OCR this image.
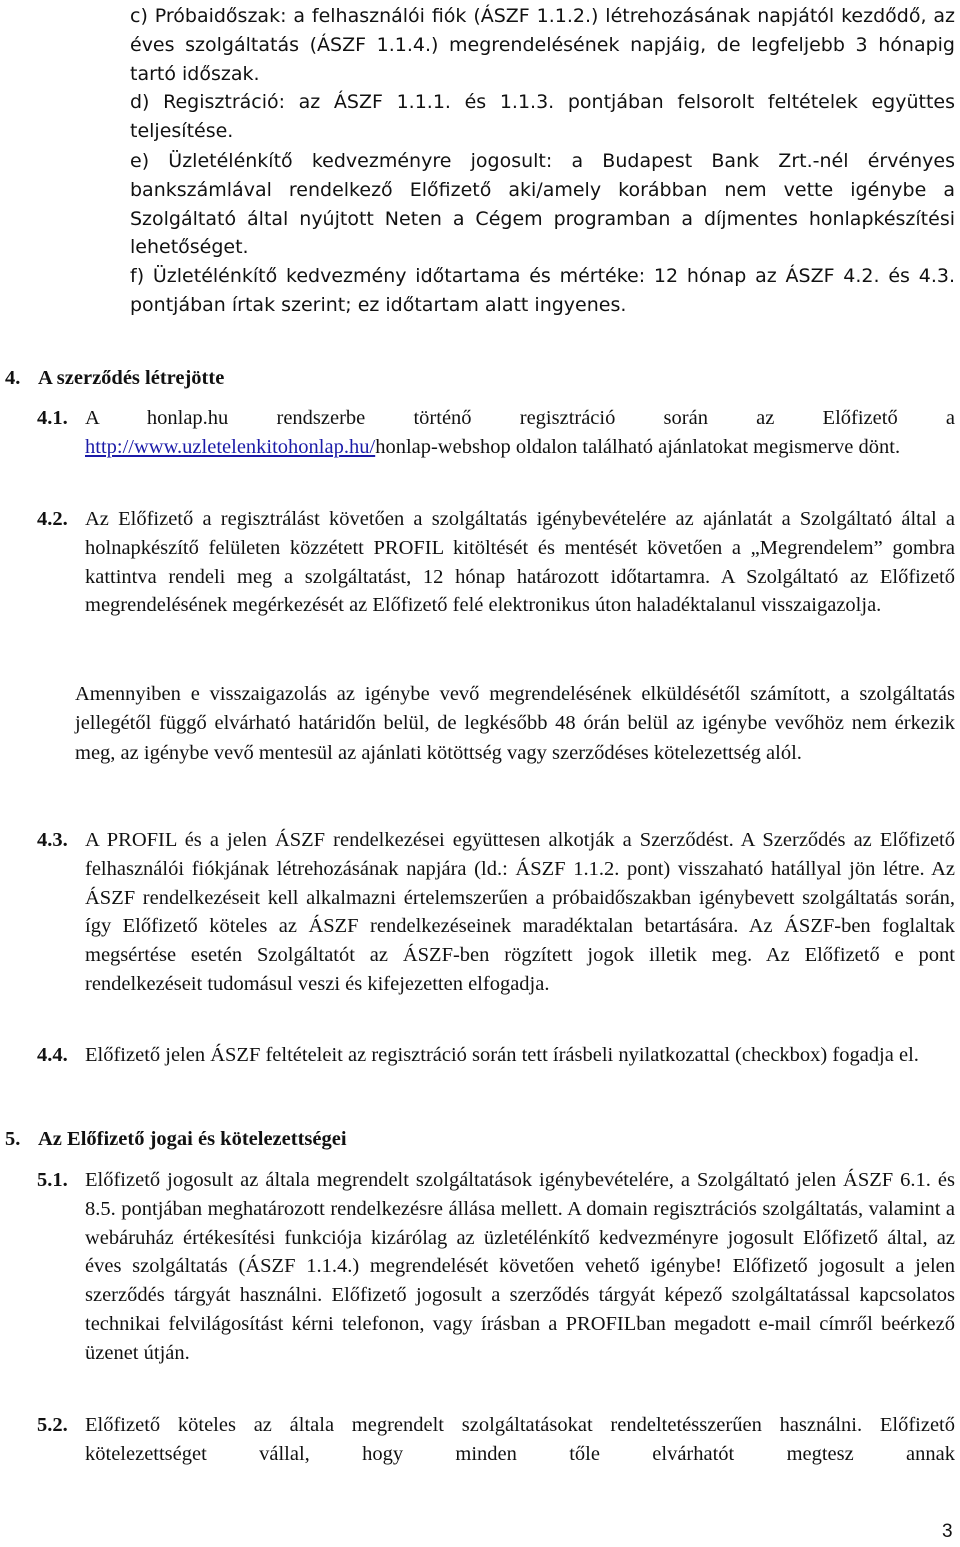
c) Próbaidőszak: a felhasználói fiók (ÁSZF 1.1.2.) létrehozásának napjától kezdődő, az éves szolgáltatás (ÁSZF 1.1.4.) megrendelésének napjáig, de legfeljebb 3 hónapig tartó időszak.
d) Regisztráció: az ÁSZF 1.1.1. és 1.1.3. pontjában felsorolt feltételek együttes teljesítése.
e) Üzletélénkítő kedvezményre jogosult: a Budapest Bank Zrt.-nél érvényes bankszámlával rendelkező Előfizető aki/amely korábban nem vette igénybe a Szolgáltató által nyújtott Neten a Cégem programban a díjmentes honlapkészítési lehetőséget.
f) Üzletélénkítő kedvezmény időtartama és mértéke: 12 hónap az ÁSZF 4.2. és 4.3. pontjában írtak szerint; ez időtartam alatt ingyenes.
4. A szerződés létrejötte
4.1. A honlap.hu rendszerbe történő regisztráció során az Előfizető a http://www.uzletelenkitohonlap.hu/honlap-webshop oldalon található ajánlatokat megismerve dönt.
4.2. Az Előfizető a regisztrálást követően a szolgáltatás igénybevételére az ajánlatát a Szolgáltató által a holnapkészítő felületen közzétett PROFIL kitöltését és mentését követően a „Megrendelem” gombra kattintva rendeli meg a szolgáltatást, 12 hónap határozott időtartamra. A Szolgáltató az Előfizető megrendelésének megérkezését az Előfizető felé elektronikus úton haladéktalanul visszaigazolja.
Amennyiben e visszaigazolás az igénybe vevő megrendelésének elküldésétől számított, a szolgáltatás jellegétől függő elvárható határidőn belül, de legkésőbb 48 órán belül az igénybe vevőhöz nem érkezik meg, az igénybe vevő mentesül az ajánlati kötöttség vagy szerződéses kötelezettség alól.
4.3. A PROFIL és a jelen ÁSZF rendelkezései együttesen alkotják a Szerződést. A Szerződés az Előfizető felhasználói fiókjának létrehozásának napjára (ld.: ÁSZF 1.1.2. pont) visszaható hatállyal jön létre. Az ÁSZF rendelkezéseit kell alkalmazni értelemszerűen a próbaidőszakban igénybevett szolgáltatás során, így Előfizető köteles az ÁSZF rendelkezéseinek maradéktalan betartására. Az ÁSZF-ben foglaltak megsértése esetén Szolgáltatót az ÁSZF-ben rögzített jogok illetik meg. Az Előfizető e pont rendelkezéseit tudomásul veszi és kifejezetten elfogadja.
4.4. Előfizető jelen ÁSZF feltételeit az regisztráció során tett írásbeli nyilatkozattal (checkbox) fogadja el.
5. Az Előfizető jogai és kötelezettségei
5.1. Előfizető jogosult az általa megrendelt szolgáltatások igénybevételére, a Szolgáltató jelen ÁSZF 6.1. és 8.5. pontjában meghatározott rendelkezésre állása mellett. A domain regisztrációs szolgáltatás, valamint a webáruház értékesítési funkciója kizárólag az üzletélénkítő kedvezményre jogosult Előfizető által, az éves szolgáltatás (ÁSZF 1.1.4.) megrendelését követően vehető igénybe! Előfizető jogosult a jelen szerződés tárgyát használni. Előfizető jogosult a szerződés tárgyát képező szolgáltatással kapcsolatos technikai felvilágosítást kérni telefonon, vagy írásban a PROFILban megadott e-mail címről beérkező üzenet útján.
5.2. Előfizető köteles az általa megrendelt szolgáltatásokat rendeltetésszerűen használni. Előfizető kötelezettséget vállal, hogy minden tőle elvárhatót megtesz annak
3
